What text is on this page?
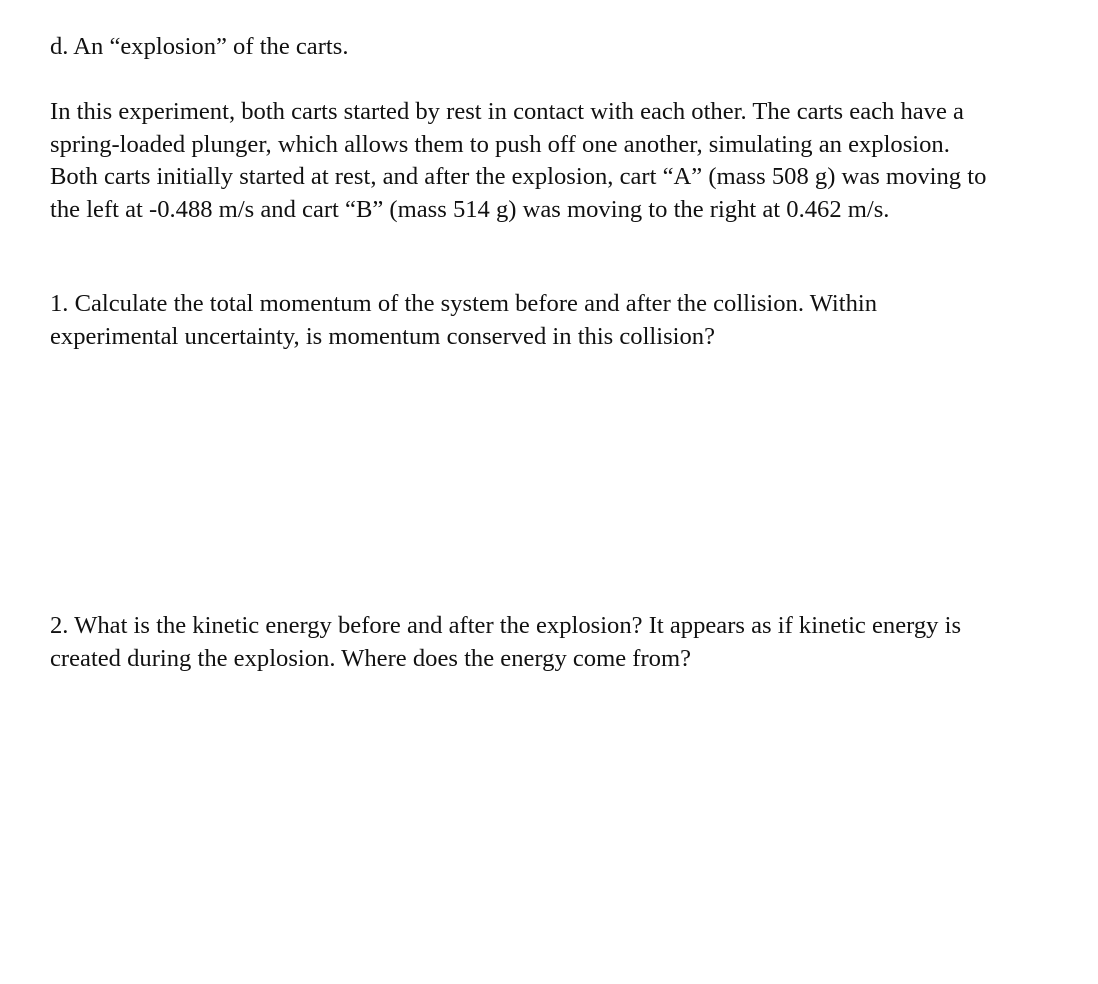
d. An “explosion” of the carts.

In this experiment, both carts started by rest in contact with each other. The carts each have a spring-loaded plunger, which allows them to push off one another, simulating an explosion. Both carts initially started at rest, and after the explosion, cart “A” (mass 508 g) was moving to the left at -0.488 m/s and cart “B” (mass 514 g) was moving to the right at 0.462 m/s.

1. Calculate the total momentum of the system before and after the collision. Within experimental uncertainty, is momentum conserved in this collision?

2. What is the kinetic energy before and after the explosion? It appears as if kinetic energy is created during the explosion. Where does the energy come from?
